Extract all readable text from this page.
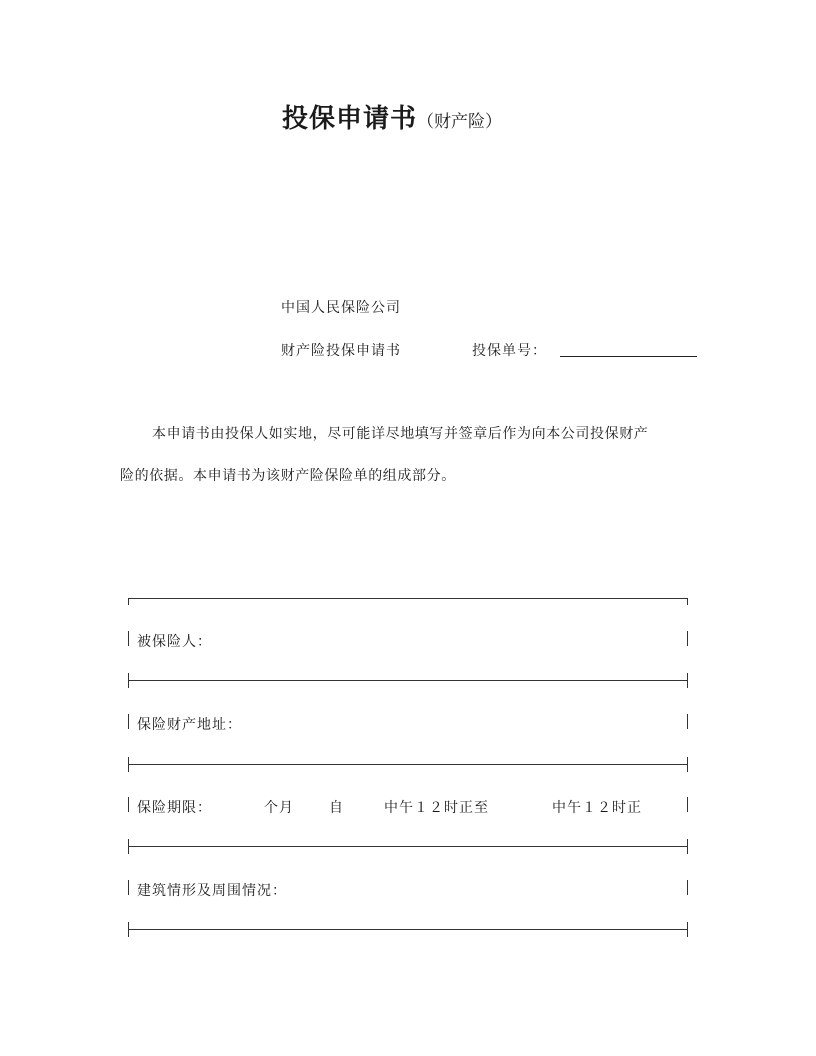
投保申请书（财产险）
中国人民保险公司
财产险投保申请书	投保单号：
本申请书由投保人如实地，尽可能详尽地填写并签章后作为向本公司投保财产
险的依据。本申请书为该财产险保险单的组成部分。
被保险人：
保险财产地址：
保险期限：	个月	自	中午１２时正至	中午１２时正
建筑情形及周围情况：
